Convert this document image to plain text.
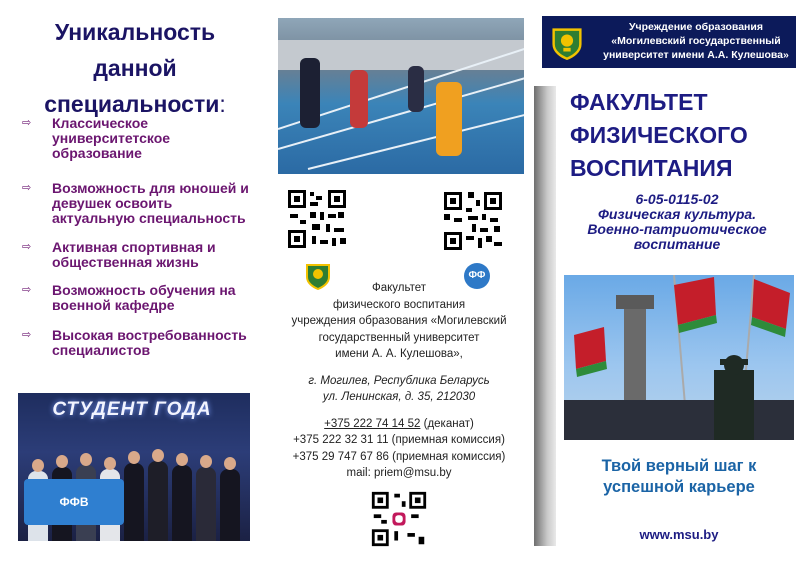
Уникальность
данной
специальности:
⇨ Классическое университетское образование
⇨ Возможность для юношей и девушек освоить актуальную специальность
⇨ Активная спортивная и общественная жизнь
⇨ Возможность обучения на военной кафедре
⇨ Высокая востребованность специалистов
СТУДЕНТ ГОДА
ФФВ
ФФ
Факультет
физического воспитания
учреждения образования «Могилевский
государственный университет
имени А. А. Кулешова»,
г. Могилев, Республика Беларусь
ул. Ленинская, д. 35, 212030
+375 222 74 14 52 (деканат)
+375 222 32 31 11 (приемная комиссия)
+375 29 747 67 86 (приемная комиссия)
mail: priem@msu.by
Учреждение образования «Могилевский государственный университет имени А.А. Кулешова»
ФАКУЛЬТЕТ
ФИЗИЧЕСКОГО
ВОСПИТАНИЯ
6-05-0115-02
Физическая культура.
Военно-патриотическое
воспитание
Твой верный шаг к успешной карьере
www.msu.by
